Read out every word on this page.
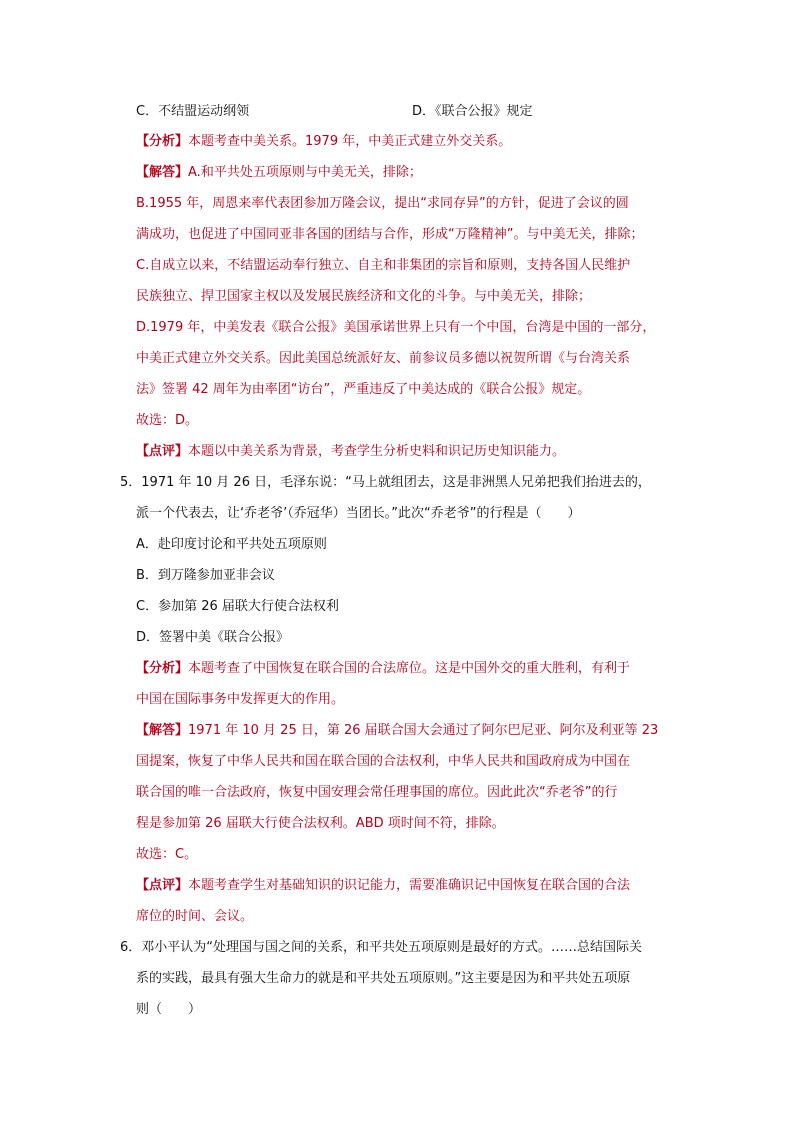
C．不结盟运动纲领	D．《联合公报》规定
【分析】本题考查中美关系。1979 年，中美正式建立外交关系。
【解答】A.和平共处五项原则与中美无关，排除；
B.1955 年，周恩来率代表团参加万隆会议，提出“求同存异”的方针，促进了会议的圆
满成功，也促进了中国同亚非各国的团结与合作，形成“万隆精神”。与中美无关，排除；
C.自成立以来，不结盟运动奉行独立、自主和非集团的宗旨和原则，支持各国人民维护
民族独立、捍卫国家主权以及发展民族经济和文化的斗争。与中美无关，排除；
D.1979 年，中美发表《联合公报》美国承诺世界上只有一个中国，台湾是中国的一部分，
中美正式建立外交关系。因此美国总统派好友、前参议员多德以祝贺所谓《与台湾关系
法》签署 42 周年为由率团“访台”，严重违反了中美达成的《联合公报》规定。
故选：D。
【点评】本题以中美关系为背景，考查学生分析史料和识记历史知识能力。
5．1971 年 10 月 26 日，毛泽东说：“马上就组团去，这是非洲黑人兄弟把我们抬进去的，
派一个代表去，让‘乔老爷’（乔冠华）当团长。”此次“乔老爷”的行程是（　　）
A．赴印度讨论和平共处五项原则
B．到万隆参加亚非会议
C．参加第 26 届联大行使合法权利
D．签署中美《联合公报》
【分析】本题考查了中国恢复在联合国的合法席位。这是中国外交的重大胜利，有利于
中国在国际事务中发挥更大的作用。
【解答】1971 年 10 月 25 日，第 26 届联合国大会通过了阿尔巴尼亚、阿尔及利亚等 23
国提案，恢复了中华人民共和国在联合国的合法权利，中华人民共和国政府成为中国在
联合国的唯一合法政府，恢复中国安理会常任理事国的席位。因此此次“乔老爷”的行
程是参加第 26 届联大行使合法权利。ABD 项时间不符，排除。
故选：C。
【点评】本题考查学生对基础知识的识记能力，需要准确识记中国恢复在联合国的合法
席位的时间、会议。
6．邓小平认为“处理国与国之间的关系，和平共处五项原则是最好的方式。……总结国际关
系的实践，最具有强大生命力的就是和平共处五项原则。”这主要是因为和平共处五项原
则（　　）
